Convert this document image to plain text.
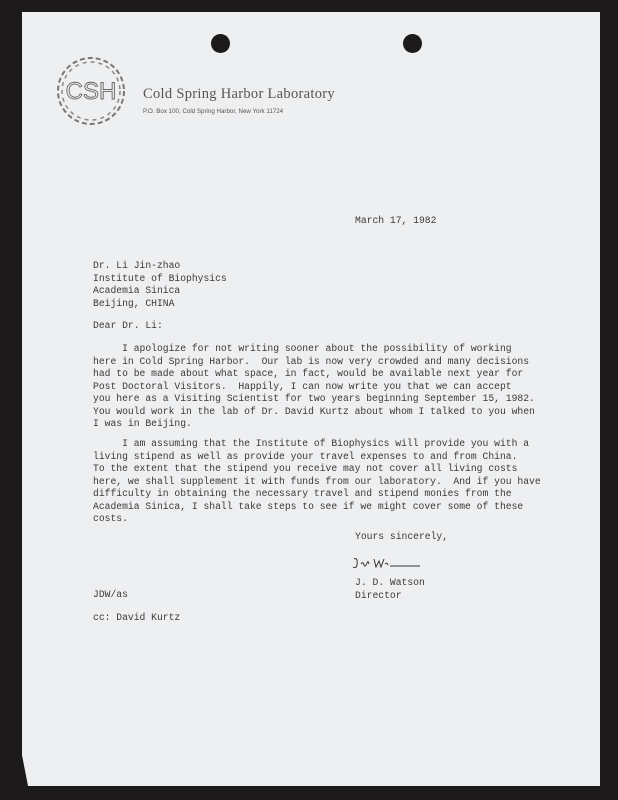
CSH Cold Spring Harbor Laboratory
P.O. Box 100, Cold Spring Harbor, New York 11724

March 17, 1982

Dr. Li Jin-zhao

Institute of Biophysics

Academia Sinica

Beijing, CHINA

Dear Dr. Li:

I apologize for not writing sooner about the possibility of working
here in Cold Spring Harbor.  Our lab is now very crowded and many decisions
had to be made about what space, in fact, would be available next year for
Post Doctoral Visitors.  Happily, I can now write you that we can accept
you here as a Visiting Scientist for two years beginning September 15, 1982.
You would work in the lab of Dr. David Kurtz about whom I talked to you when
I was in Beijing.

I am assuming that the Institute of Biophysics will provide you with a
living stipend as well as provide your travel expenses to and from China.
To the extent that the stipend you receive may not cover all living costs
here, we shall supplement it with funds from our laboratory.  And if you have
difficulty in obtaining the necessary travel and stipend monies from the
Academia Sinica, I shall take steps to see if we might cover some of these
costs.

Yours sincerely,

J. D. Watson

Director

JDW/as

cc: David Kurtz
